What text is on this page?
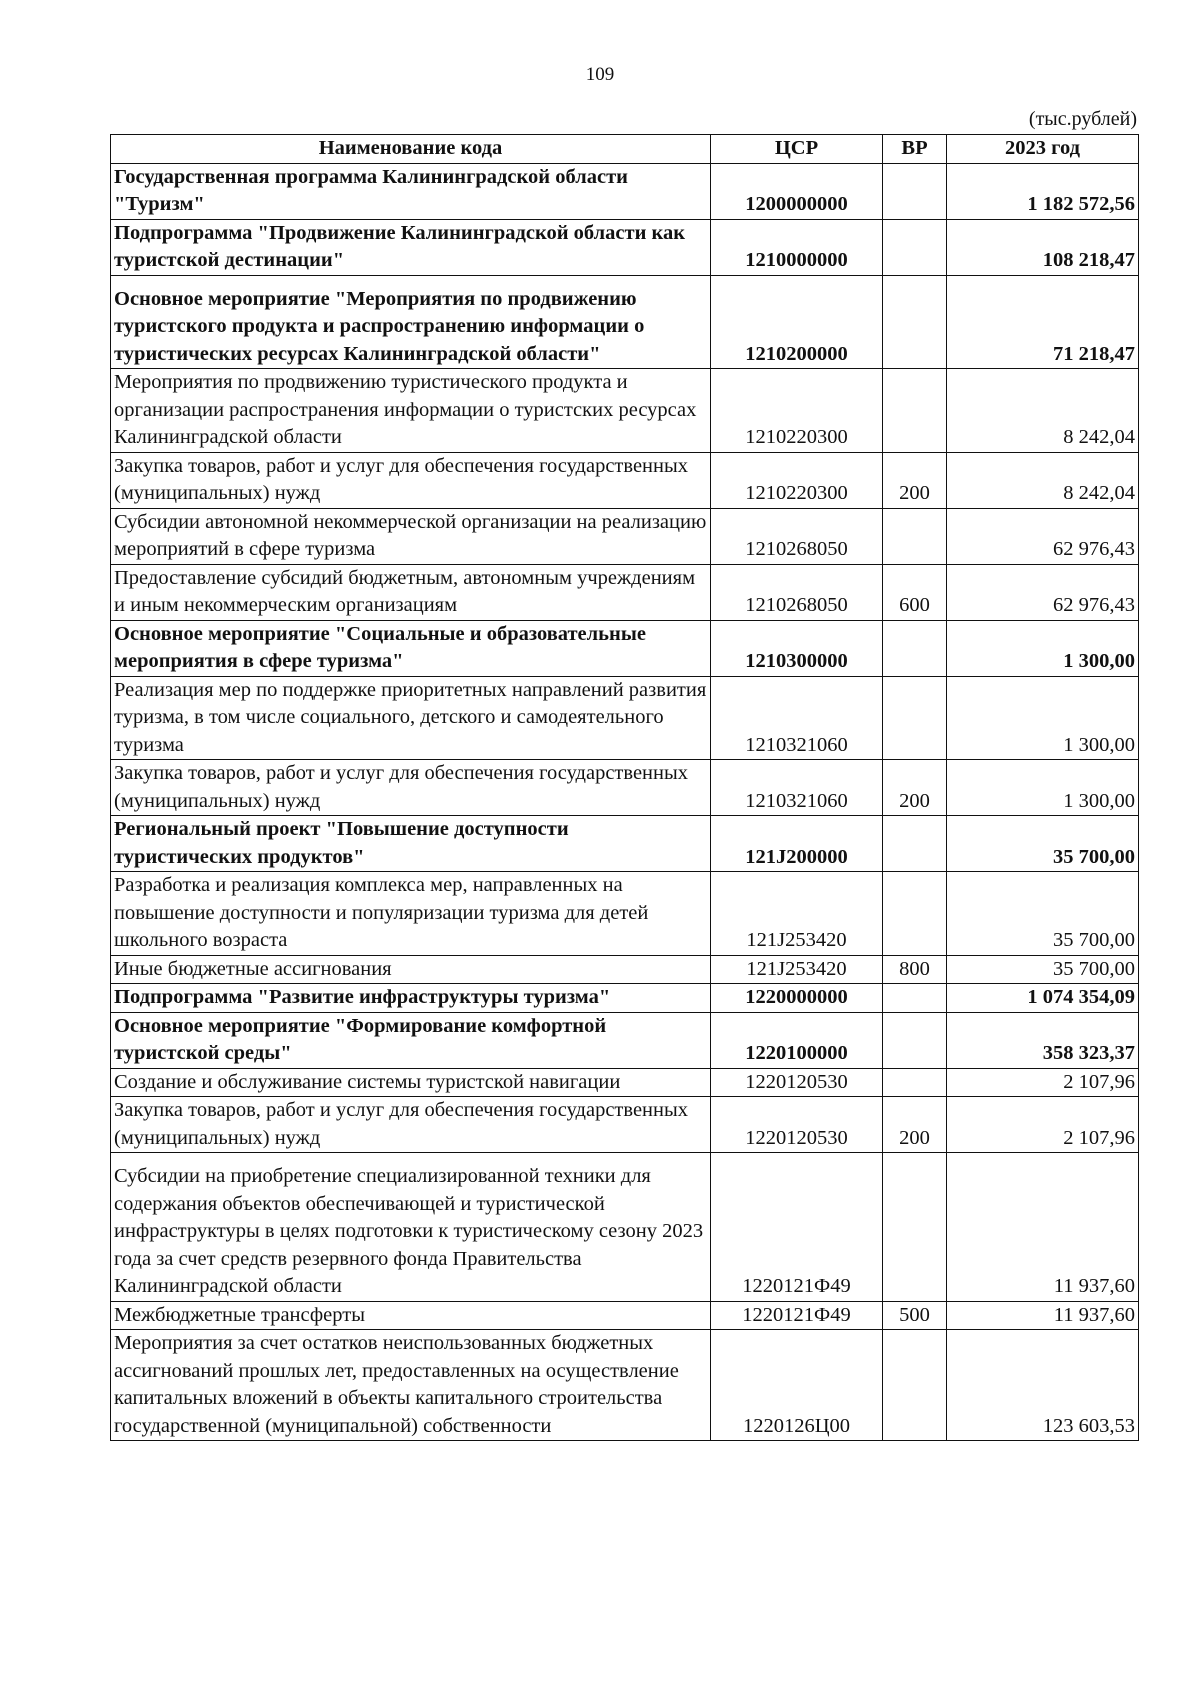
109
(тыс.рублей)
Наименование кода	ЦСР	ВР	2023 год
Государственная программа Калининградской области "Туризм"	1200000000		1 182 572,56
Подпрограмма "Продвижение Калининградской области как туристской дестинации"	1210000000		108 218,47
Основное мероприятие "Мероприятия по продвижению туристского продукта и распространению информации о туристических ресурсах Калининградской области"	1210200000		71 218,47
Мероприятия по продвижению туристического продукта и организации распространения информации о туристских ресурсах Калининградской области	1210220300		8 242,04
Закупка товаров, работ и услуг для обеспечения государственных (муниципальных) нужд	1210220300	200	8 242,04
Субсидии автономной некоммерческой организации на реализацию мероприятий в сфере туризма	1210268050		62 976,43
Предоставление субсидий бюджетным, автономным учреждениям и иным некоммерческим организациям	1210268050	600	62 976,43
Основное мероприятие "Социальные и образовательные мероприятия в сфере туризма"	1210300000		1 300,00
Реализация мер по поддержке приоритетных направлений развития туризма, в том числе социального, детского и самодеятельного туризма	1210321060		1 300,00
Закупка товаров, работ и услуг для обеспечения государственных (муниципальных) нужд	1210321060	200	1 300,00
Региональный проект "Повышение доступности туристических продуктов"	121J200000		35 700,00
Разработка и реализация комплекса мер, направленных на повышение доступности и популяризации туризма для детей школьного возраста	121J253420		35 700,00
Иные бюджетные ассигнования	121J253420	800	35 700,00
Подпрограмма "Развитие инфраструктуры туризма"	1220000000		1 074 354,09
Основное мероприятие "Формирование комфортной туристской среды"	1220100000		358 323,37
Создание и обслуживание системы туристской навигации	1220120530		2 107,96
Закупка товаров, работ и услуг для обеспечения государственных (муниципальных) нужд	1220120530	200	2 107,96
Субсидии на приобретение специализированной техники для содержания объектов обеспечивающей и туристической инфраструктуры в целях подготовки к туристическому сезону 2023 года за счет средств резервного фонда Правительства Калининградской области	1220121Ф49		11 937,60
Межбюджетные трансферты	1220121Ф49	500	11 937,60
Мероприятия за счет остатков неиспользованных бюджетных ассигнований прошлых лет, предоставленных на осуществление капитальных вложений в объекты капитального строительства государственной (муниципальной) собственности	1220126Ц00		123 603,53
